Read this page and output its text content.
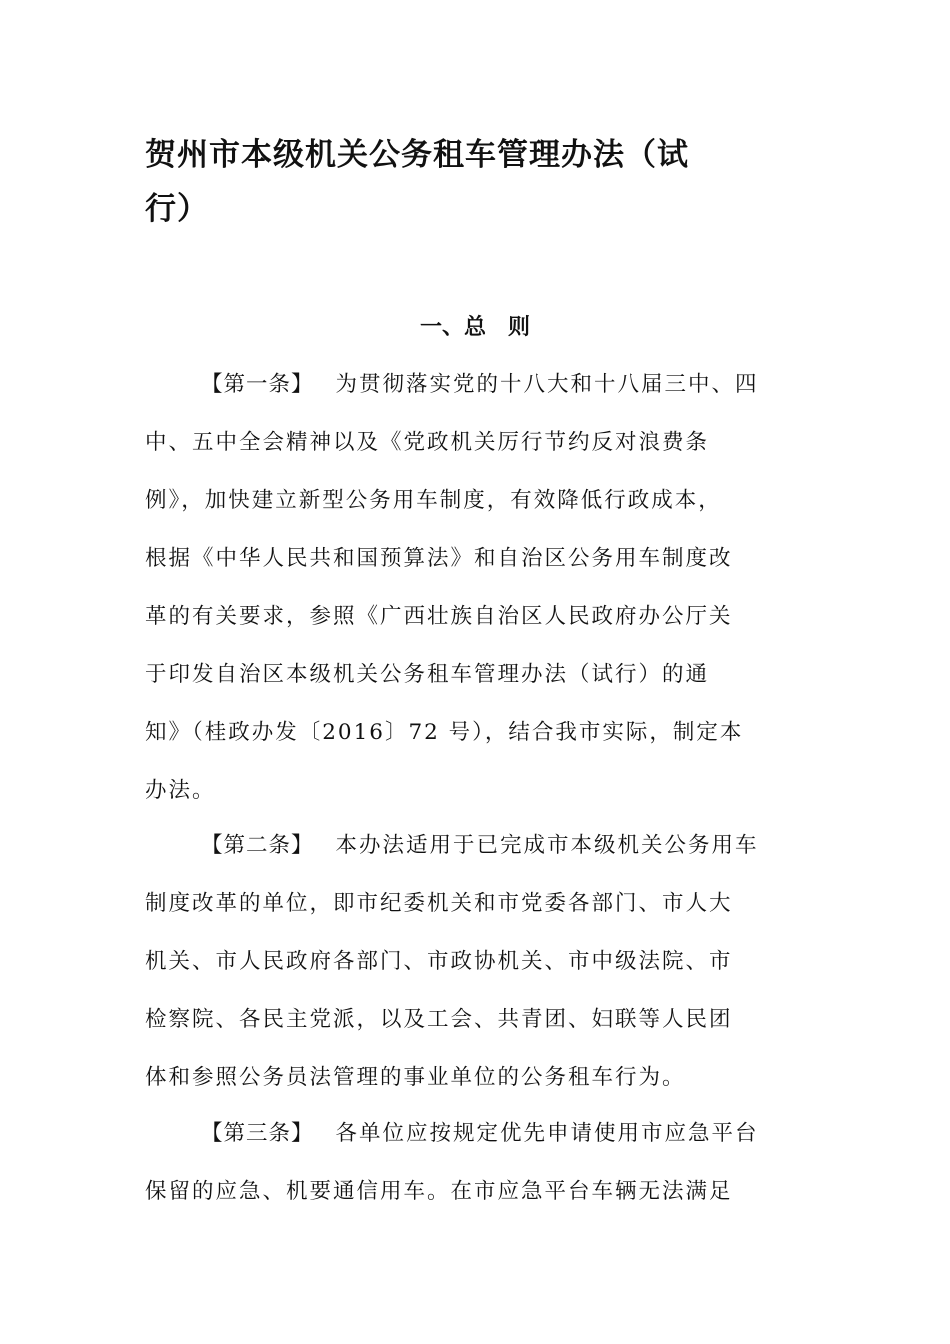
贺州市本级机关公务租车管理办法（试
行）
一、总 则

【第一条】 为贯彻落实党的十八大和十八届三中、四
中、五中全会精神以及《党政机关厉行节约反对浪费条
例》，加快建立新型公务用车制度，有效降低行政成本，
根据《中华人民共和国预算法》和自治区公务用车制度改
革的有关要求，参照《广西壮族自治区人民政府办公厅关
于印发自治区本级机关公务租车管理办法（试行）的通
知》（桂政办发〔2016〕72 号），结合我市实际，制定本
办法。

【第二条】 本办法适用于已完成市本级机关公务用车
制度改革的单位，即市纪委机关和市党委各部门、市人大
机关、市人民政府各部门、市政协机关、市中级法院、市
检察院、各民主党派，以及工会、共青团、妇联等人民团
体和参照公务员法管理的事业单位的公务租车行为。

【第三条】 各单位应按规定优先申请使用市应急平台
保留的应急、机要通信用车。在市应急平台车辆无法满足
